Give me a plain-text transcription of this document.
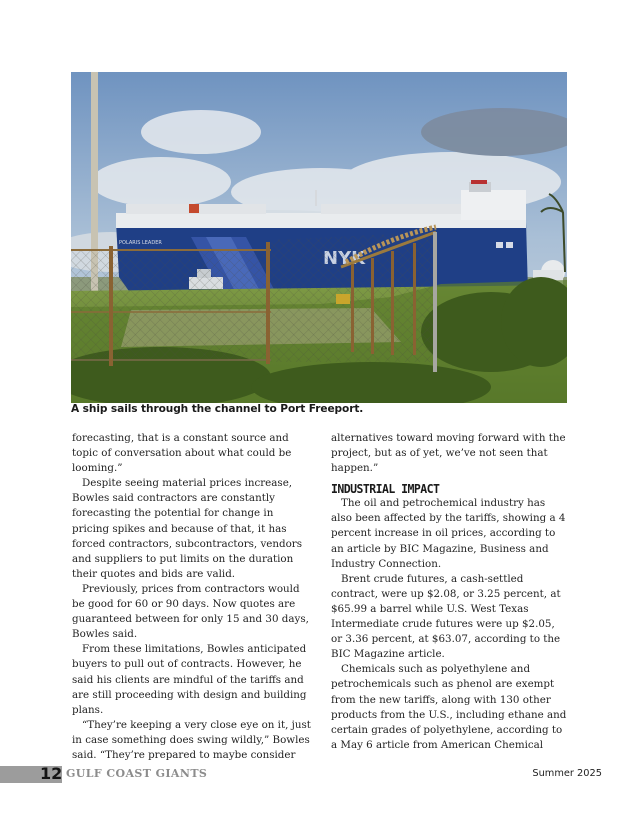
POLARIS LEADER
A ship sails through the channel to Port Freeport.

forecasting, that is a constant source and topic of conversation about what could be looming.”

Despite seeing material prices increase, Bowles said contractors are constantly forecasting the potential for change in pricing spikes and because of that, it has forced contractors, subcontractors, vendors and suppliers to put limits on the duration their quotes and bids are valid.

Previously, prices from contractors would be good for 60 or 90 days. Now quotes are guaranteed between for only 15 and 30 days, Bowles said.

From these limitations, Bowles anticipated buyers to pull out of contracts. However, he said his clients are mindful of the tariffs and are still proceeding with design and building plans.

“They’re keeping a very close eye on it, just in case something does swing wildly,” Bowles said. “They’re prepared to maybe consider

alternatives toward moving forward with the project, but as of yet, we’ve not seen that happen.”

INDUSTRIAL IMPACT

The oil and petrochemical industry has also been affected by the tariffs, showing a 4 percent increase in oil prices, according to an article by BIC Magazine, Business and Industry Connection.

Brent crude futures, a cash-settled contract, were up $2.08, or 3.25 percent, at $65.99 a barrel while U.S. West Texas Intermediate crude futures were up $2.05, or 3.36 percent, at $63.07, according to the BIC Magazine article.

Chemicals such as polyethylene and petrochemicals such as phenol are exempt from the new tariffs, along with 130 other products from the U.S., including ethane and certain grades of polyethylene, according to a May 6 article from American Chemical

12 GULF COAST GIANTS	Summer 2025
